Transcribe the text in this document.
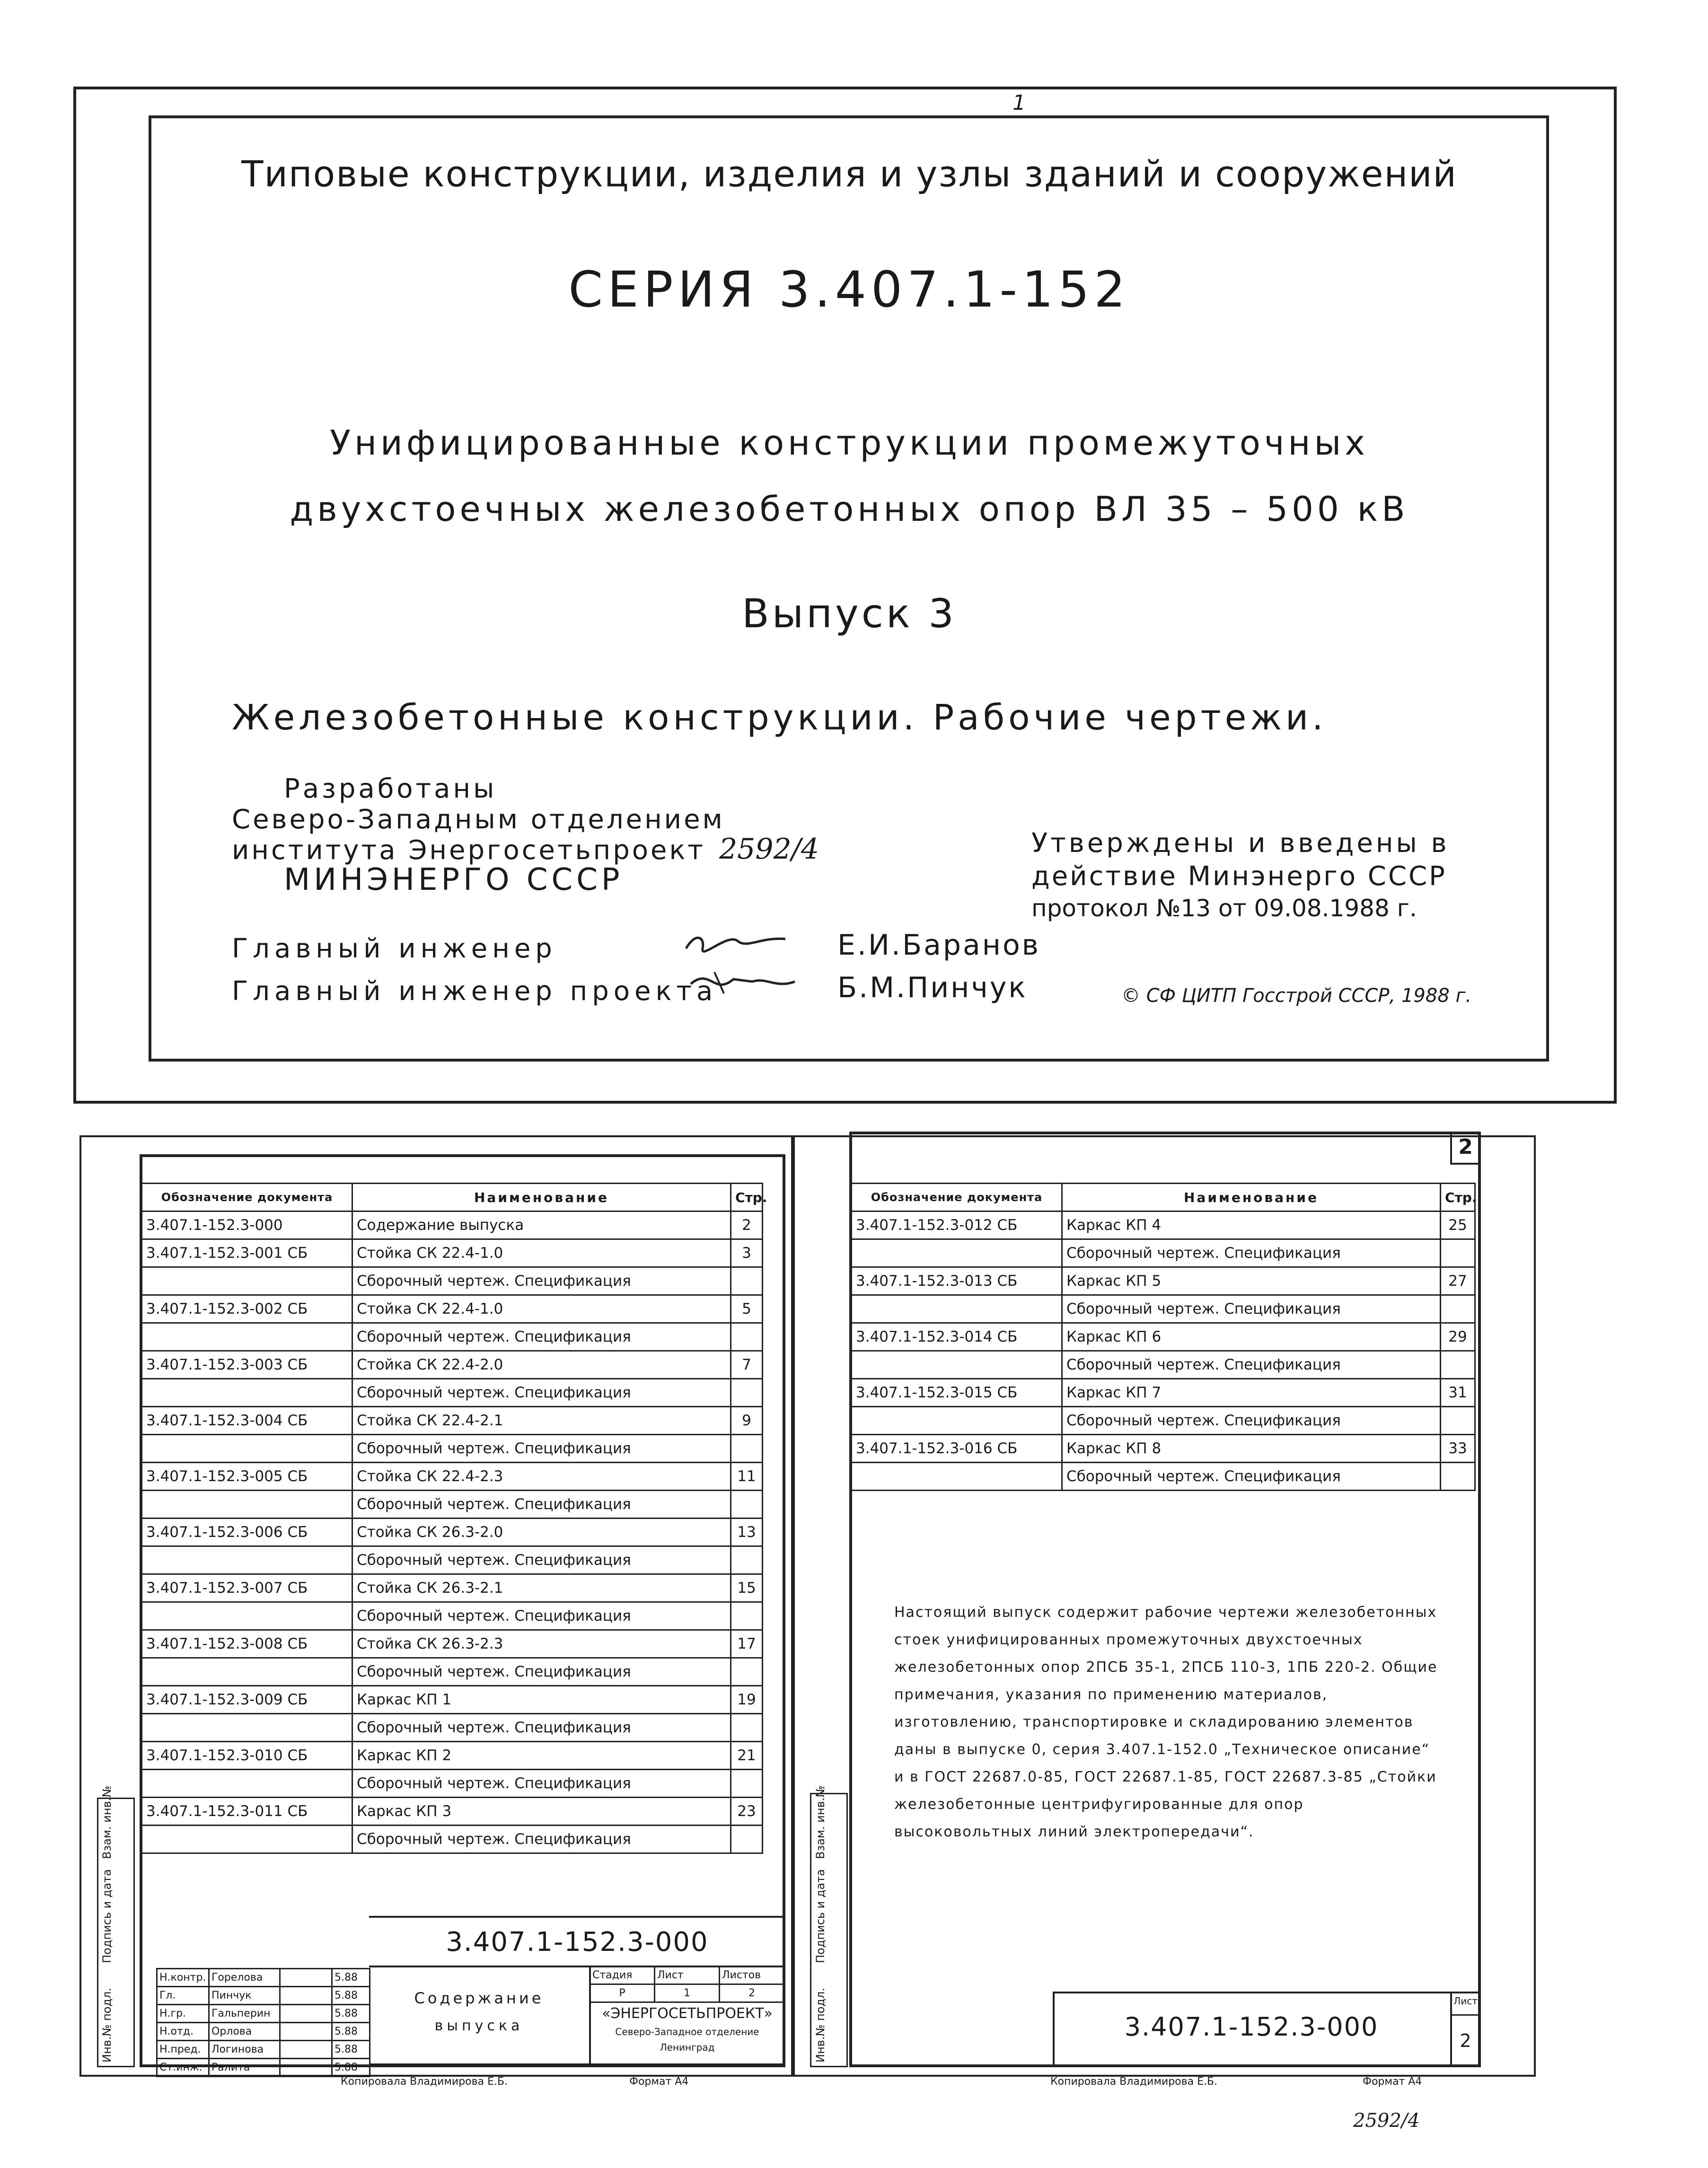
1
Типовые конструкции, изделия и узлы зданий и сооружений
СЕРИЯ 3.407.1-152
Унифицированные конструкции промежуточных
двухстоечных железобетонных опор ВЛ 35 – 500 кВ
Выпуск 3
Железобетонные конструкции. Рабочие чертежи.
Разработаны
Северо-Западным отделением
института Энергосетьпроект
МИНЭНЕРГО СССР
2592/4	Утверждены и введены в
действие Минэнерго СССР
протокол №13 от 09.08.1988 г.
Главный инженер	Е.И.Баранов
Главный инженер проекта	Б.М.Пинчук	© СФ ЦИТП Госстрой СССР, 1988 г.
Обозначение документа	Наименование	Стр.
3.407.1-152.3-000	Содержание выпуска	2
3.407.1-152.3-001 СБ	Стойка СК 22.4-1.0	3
	Сборочный чертеж. Спецификация	
3.407.1-152.3-002 СБ	Стойка СК 22.4-1.0	5
	Сборочный чертеж. Спецификация	
3.407.1-152.3-003 СБ	Стойка СК 22.4-2.0	7
	Сборочный чертеж. Спецификация	
3.407.1-152.3-004 СБ	Стойка СК 22.4-2.1	9
	Сборочный чертеж. Спецификация	
3.407.1-152.3-005 СБ	Стойка СК 22.4-2.3	11
	Сборочный чертеж. Спецификация	
3.407.1-152.3-006 СБ	Стойка СК 26.3-2.0	13
	Сборочный чертеж. Спецификация	
3.407.1-152.3-007 СБ	Стойка СК 26.3-2.1	15
	Сборочный чертеж. Спецификация	
3.407.1-152.3-008 СБ	Стойка СК 26.3-2.3	17
	Сборочный чертеж. Спецификация	
3.407.1-152.3-009 СБ	Каркас КП 1	19
	Сборочный чертеж. Спецификация	
3.407.1-152.3-010 СБ	Каркас КП 2	21
	Сборочный чертеж. Спецификация	
3.407.1-152.3-011 СБ	Каркас КП 3	23
	Сборочный чертеж. Спецификация	
Инв.№ подл.
Подпись и дата
Взам. инв.№
Н.контр.	Горелова		5.88
Гл.	Пинчук		5.88
Н.гр.	Гальперин		5.88
Н.отд.	Орлова		5.88
Н.пред.	Логинова		5.88
Ст.инж.	Ралита		5.88
3.407.1-152.3-000
Содержание
выпуска
Стадия	Лист	Листов
Р	1	2
«ЭНЕРГОСЕТЬПРОЕКТ»
Северо-Западное отделение
Ленинград
Копировала Владимирова Е.Б.	Формат А4
2
Обозначение документа	Наименование	Стр.
3.407.1-152.3-012 СБ	Каркас КП 4	25
	Сборочный чертеж. Спецификация	
3.407.1-152.3-013 СБ	Каркас КП 5	27
	Сборочный чертеж. Спецификация	
3.407.1-152.3-014 СБ	Каркас КП 6	29
	Сборочный чертеж. Спецификация	
3.407.1-152.3-015 СБ	Каркас КП 7	31
	Сборочный чертеж. Спецификация	
3.407.1-152.3-016 СБ	Каркас КП 8	33
	Сборочный чертеж. Спецификация	
Настоящий выпуск содержит рабочие чертежи железобетонных стоек унифицированных промежуточных двухстоечных железобетонных опор 2ПСБ 35-1, 2ПСБ 110-3, 1ПБ 220-2. Общие примечания, указания по применению материалов, изготовлению, транспортировке и складированию элементов даны в выпуске 0, серия 3.407.1-152.0 „Техническое описание“ и в ГОСТ 22687.0-85, ГОСТ 22687.1-85, ГОСТ 22687.3-85 „Стойки железобетонные центрифугированные для опор высоковольтных линий электропередачи“.
Инв.№ подл.
Подпись и дата
Взам. инв.№
3.407.1-152.3-000
Лист
2
Копировала Владимирова Е.Б.	Формат А4
2592/4
